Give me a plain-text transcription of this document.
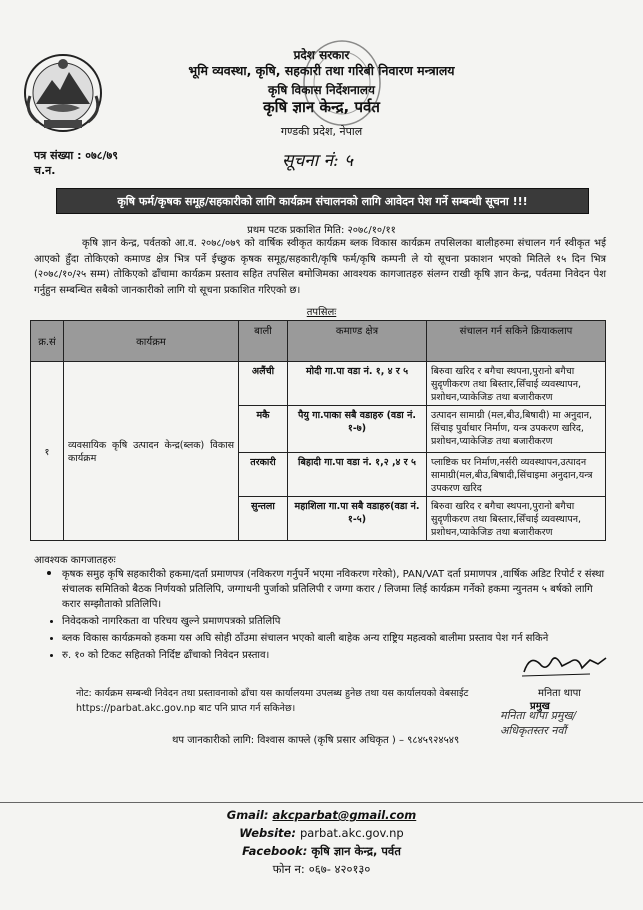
प्रदेश सरकार
भूमि व्यवस्था, कृषि, सहकारी तथा गरिबी निवारण मन्त्रालय
कृषि विकास निर्देशनालय
कृषि ज्ञान केन्द्र, पर्वत
गण्डकी प्रदेश, नेपाल
पत्र संख्या : ०७८/७९
च.न.	सूचना नं: ५
कृषि फर्म/कृषक समूह/सहकारीको लागि कार्यक्रम संचालनको लागि आवेदन पेश गर्ने सम्बन्धी सूचना !!!
प्रथम पटक प्रकाशित मिति: २०७८/१०/११
कृषि ज्ञान केन्द्र, पर्वतको आ.व. २०७८/०७९ को वार्षिक स्वीकृत कार्यक्रम ब्लक विकास कार्यक्रम तपसिलका बालीहरुमा संचालन गर्न स्वीकृत भई आएको हुँदा तोकिएको कमाण्ड क्षेत्र भित्र पर्ने ईच्छुक कृषक समूह/सहकारी/कृषि फर्म/कृषि कम्पनी ले यो सूचना प्रकाशन भएको मितिले १५ दिन भित्र (२०७८/१०/२५ सम्म) तोकिएको ढाँचामा कार्यक्रम प्रस्ताव सहित तपसिल बमोजिमका आवश्यक कागजातहरु संलग्न राखी कृषि ज्ञान केन्द्र, पर्वतमा निवेदन पेश गर्नुहुन सम्बन्धित सबैको जानकारीको लागि यो सूचना प्रकाशित गरिएको छ।
तपसिलः
क्र.सं	कार्यक्रम	बाली	कमाण्ड क्षेत्र	संचालन गर्न सकिने क्रियाकलाप
१	व्यवसायिक कृषि उत्पादन केन्द्र(ब्लक) विकास कार्यक्रम	अलैंची	मोदी गा.पा वडा नं. १, ४ र ५	बिरुवा खरिद र बगैचा स्थपना,पुरानो बगैचा सुदृणीकरण तथा बिस्तार,सिँचाई व्यवस्थापन, प्रशोधन,प्याकेजिङ तथा बजारीकरण
		मकै	पैयु गा.पाका सबै वडाहरु (वडा नं. १-७)	उत्पादन सामाग्री (मल,बीउ,बिषादी) मा अनुदान, सिंचाइ पुर्वाधार निर्माण, यन्त्र उपकरण खरिद, प्रशोधन,प्याकेजिङ तथा बजारीकरण
		तरकारी	बिहादी गा.पा वडा नं. १,२ ,४ र ५	प्लाष्टिक घर निर्माण,नर्सरी व्यवस्थापन,उत्पादन सामाग्री(मल,बीउ,बिषादी,सिंचाइमा अनुदान,यन्त्र उपकरण खरिद
		सुन्तला	महाशिला गा.पा सबै वडाहरु(वडा नं. १-५)	बिरुवा खरिद र बगैचा स्थपना,पुरानो बगैचा सुदृणीकरण तथा बिस्तार,सिँचाई व्यवस्थापन, प्रशोधन,प्याकेजिङ तथा बजारीकरण
आवश्यक कागजातहरुः
• कृषक समुह कृषि सहकारीको हकमा/दर्ता प्रमाणपत्र (नविकरण गर्नुपर्ने भएमा नविकरण गरेको), PAN/VAT दर्ता प्रमाणपत्र ,वार्षिक अडिट रिपोर्ट र संस्था संचालक समितिको बैठक निर्णयको प्रतिलिपि, जग्गाधनी पुर्जाको प्रतिलिपी र जग्गा करार / लिजमा लिई कार्यक्रम गर्नेको हकमा न्युनतम ५ बर्षको लागि करार सम्झौताको प्रतिलिपि।
• निवेदकको नागरिकता वा परिचय खुल्ने प्रमाणपत्रको प्रतिलिपि
• ब्लक विकास कार्यक्रमको हकमा यस अघि सोही ठाँउमा संचालन भएको बाली बाहेक अन्य राष्ट्रिय महत्वको बालीमा प्रस्ताव पेश गर्न सकिने
• रु. १० को टिकट सहितको निर्दिष्ट ढाँचाको निवेदन प्रस्ताव।
मनिता थापा
प्रमुख
मनिता थापा प्रमुख/अधिकृतस्तर नवौं
नोट: कार्यक्रम सम्बन्धी निवेदन तथा प्रस्तावनाको ढाँचा यस कार्यालयमा उपलब्ध हुनेछ तथा यस कार्यालयको वेबसाईट https://parbat.akc.gov.np बाट पनि प्राप्त गर्न सकिनेछ।
थप जानकारीको लागि: विश्वास काफ्ले (कृषि प्रसार अधिकृत ) – ९८४५९२४५४९
Gmail: akcparbat@gmail.com
Website: parbat.akc.gov.np
Facebook: कृषि ज्ञान केन्द्र, पर्वत
फोन न: ०६७- ४२०१३०
